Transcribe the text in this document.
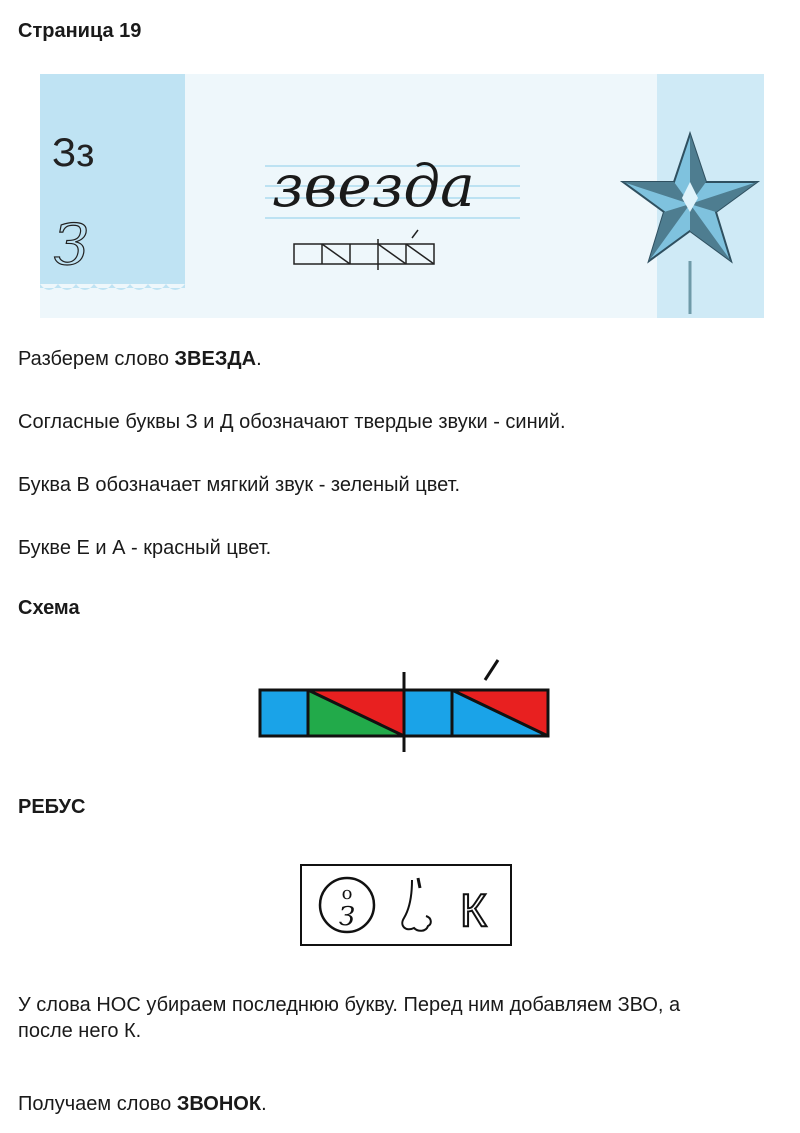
Страница 19
Зз
З
звезда

Разберем слово ЗВЕЗДА.

Согласные буквы З и Д обозначают твердые звуки - синий.

Буква В обозначает мягкий звук - зеленый цвет.

Букве Е и А - красный цвет.

Схема
РЕБУС
о
З К

У слова НОС убираем последнюю букву. Перед ним добавляем ЗВО, а
после него К.

Получаем слово ЗВОНОК.
